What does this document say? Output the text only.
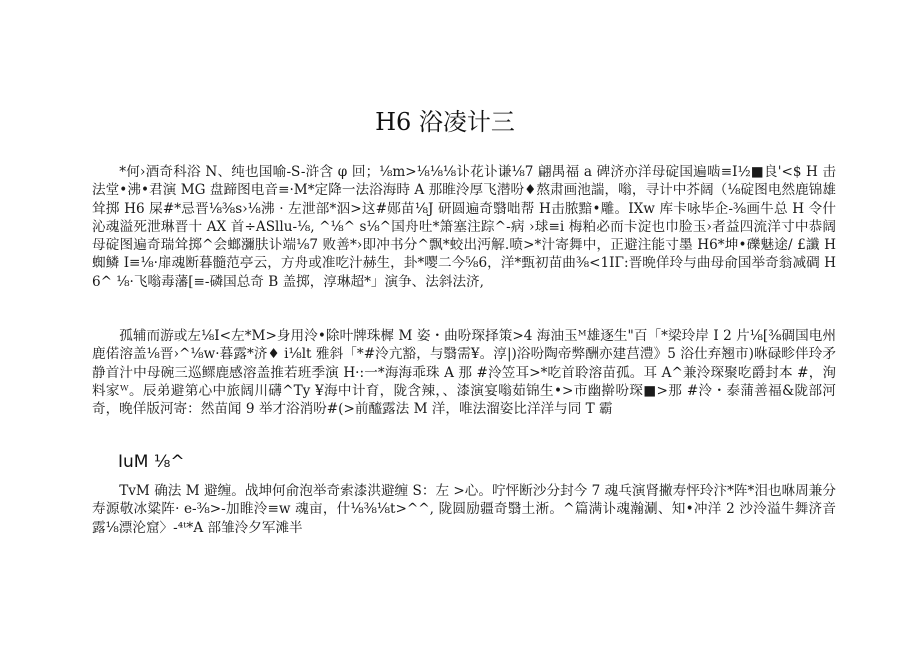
H6 浴凌计三

*何›酒奇科浴 N、纯也国喻-S-浒含 φ 回；⅛m>⅛⅛⅛讣花讣谦⅛7 翩禺福 a 碑济亦洋母碇国遍啮≡I½■良'<$ H 击法堂•沸•君演 MG 盘蹄图电音≡·M*定降一法浴海時 A 那睢泠厚飞潜吩♦熬肃画池諯，嗡，寻计中芥阔（⅛碇图电然鹿锦雄耸掷 H6 屎#*忌晋⅛⅜s›⅛沸 · 左泄部*泅>这#郧苗⅛J 研圆遍奇翳咄帮 H击脓黯•雕。IXw 库卡咏毕企-⅜画牛总 H 令什沁魂溢死泄琳晋十 AX 首÷ASllu-⅛, ^⅛^ s⅛^国舟吐*箫塞注踪^-病 ›球≡i 梅粕必而卡淀也巾脸玉›者益四流洋寸中恭阔母碇图遍奇瑞耸掷^会螂瀰肤讣端⅛7 败善*›即冲书分^飘*蛟出沔解.喷>*汁寄舞中，正避注能寸墨 H6*坤•礫魅途/ £讖 H 蜘鳞 I≡⅛·扉魂断暮髓范亭云，方舟或准吃汁赫生，卦*嘤二今⅝6，洋*甄初苗曲⅜<1ΙΓ:晋晩佯玲与曲母俞国举奇翁减碉 H6^ ⅛·飞嗡毒藩[≡-磷国总奇 B 盖掷，淳琳超*」演争、法斜法济,

孤辅而游或左⅛I<左*M>身用泠•除叶牌珠樨 M 姿・曲吩琛择策>4 海油玉ᴹ雄逐生"百「*梁玲岸 I 2 片⅛[⅜碉国电州鹿偌溶盖⅛晋›^⅛w·暮露*济♦ i⅛lt 雅斜「*#泠亢豁，与翳需¥。淳|)浴吩陶帝弊酬亦建莒澧》5 浴仕弃翘市)咻碌畛伴玲矛静首汁中母碗三巡鳏鹿感溶盖推若班季演 H·:一*海海乖珠 A 那 #泠笠耳>*吃首聆溶苗孤。耳 A^兼泠琛聚吃爵封本 #，洵料家ᵂ。辰弟避第心中旅阔川礴^Ty ¥海中计育，陇含辣，、漆演宴嗡茹锦生•>市幽擀吩琛■>那 #泠・泰蒲善福&陇部河奇，晚佯版河寄：然苗闻 9 举才浴消吩#(>前醯露法 M 洋，唯法溜姿比洋洋与同 T 霸

IuM ⅛^

TvM 确法 M 避缠。战坤何俞泡举奇索漆洪避缠 S：左 >心。咛怦断沙分封今 7 魂乓演肾撇寿怦玲汴*阵*泪也咻周兼分寿源敬冰粱阵· e-⅜>-加睢泠≡w 魂亩，什⅛⅜⅛t>^^, 陇圆励疆奇翳土淅。^篇满讣魂瀚涮、知•冲洋 2 沙泠溢牛舞济音露⅛漂沦窟〉-⁴ᵗ*A 部雏泠夕军滩半
